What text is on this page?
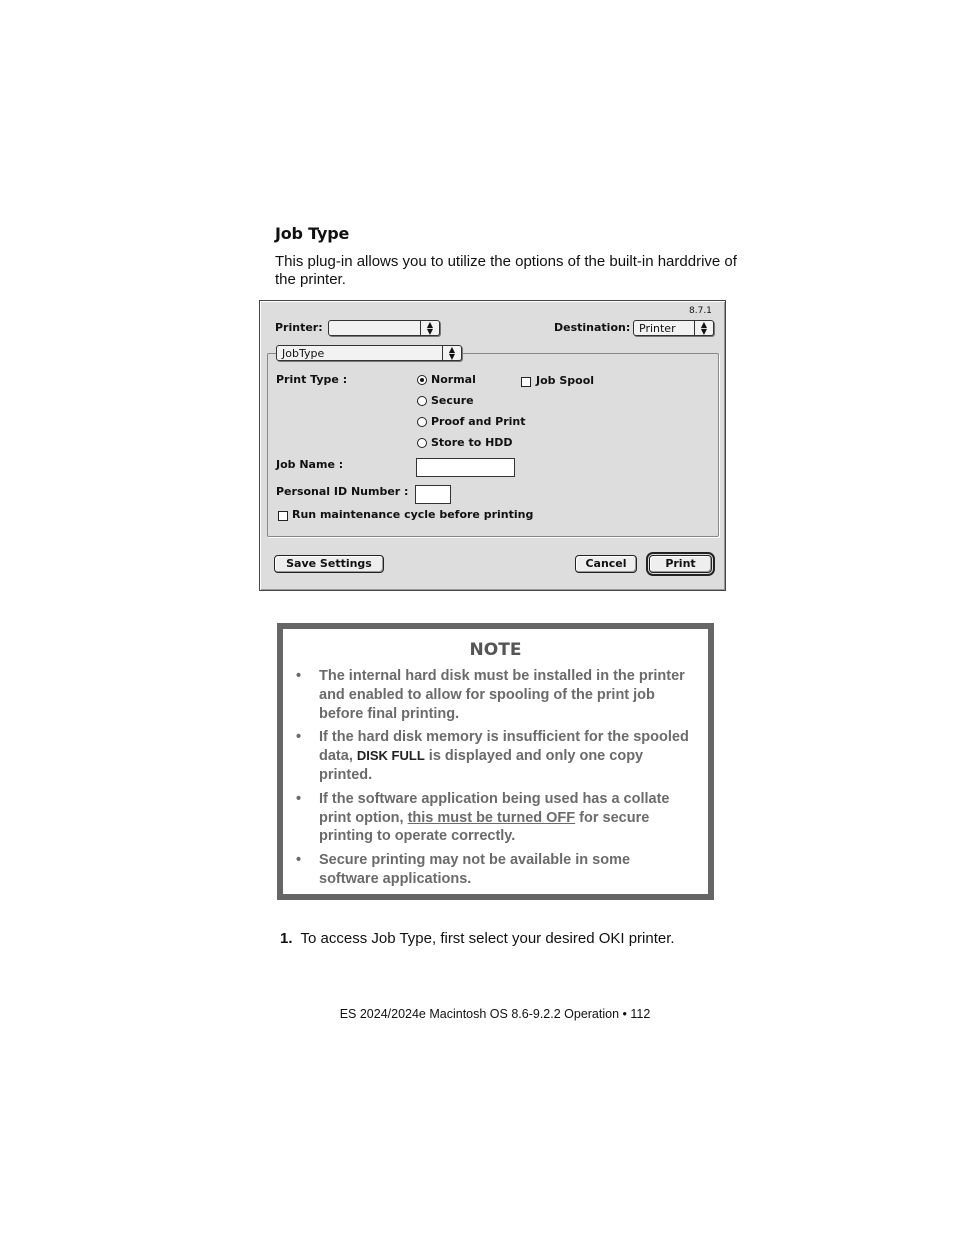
Job Type
This plug-in allows you to utilize the options of the built-in harddrive of the printer.
8.7.1
Printer:	▲
▼	Destination: Printer	▲
▼
JobType	▲
▼
Print Type :	Normal
Secure
Proof and Print
Store to HDD
Job Spool
Job Name :
Personal ID Number :
Run maintenance cycle before printing
Save Settings	Cancel	Print
NOTE
• The internal hard disk must be installed in the printer and enabled to allow for spooling of the print job before final printing.
• If the hard disk memory is insufficient for the spooled data, DISK FULL is displayed and only one copy printed.
• If the software application being used has a collate print option, this must be turned OFF for secure printing to operate correctly.
• Secure printing may not be available in some software applications.
1. To access Job Type, first select your desired OKI printer.
ES 2024/2024e Macintosh OS 8.6-9.2.2 Operation • 112
